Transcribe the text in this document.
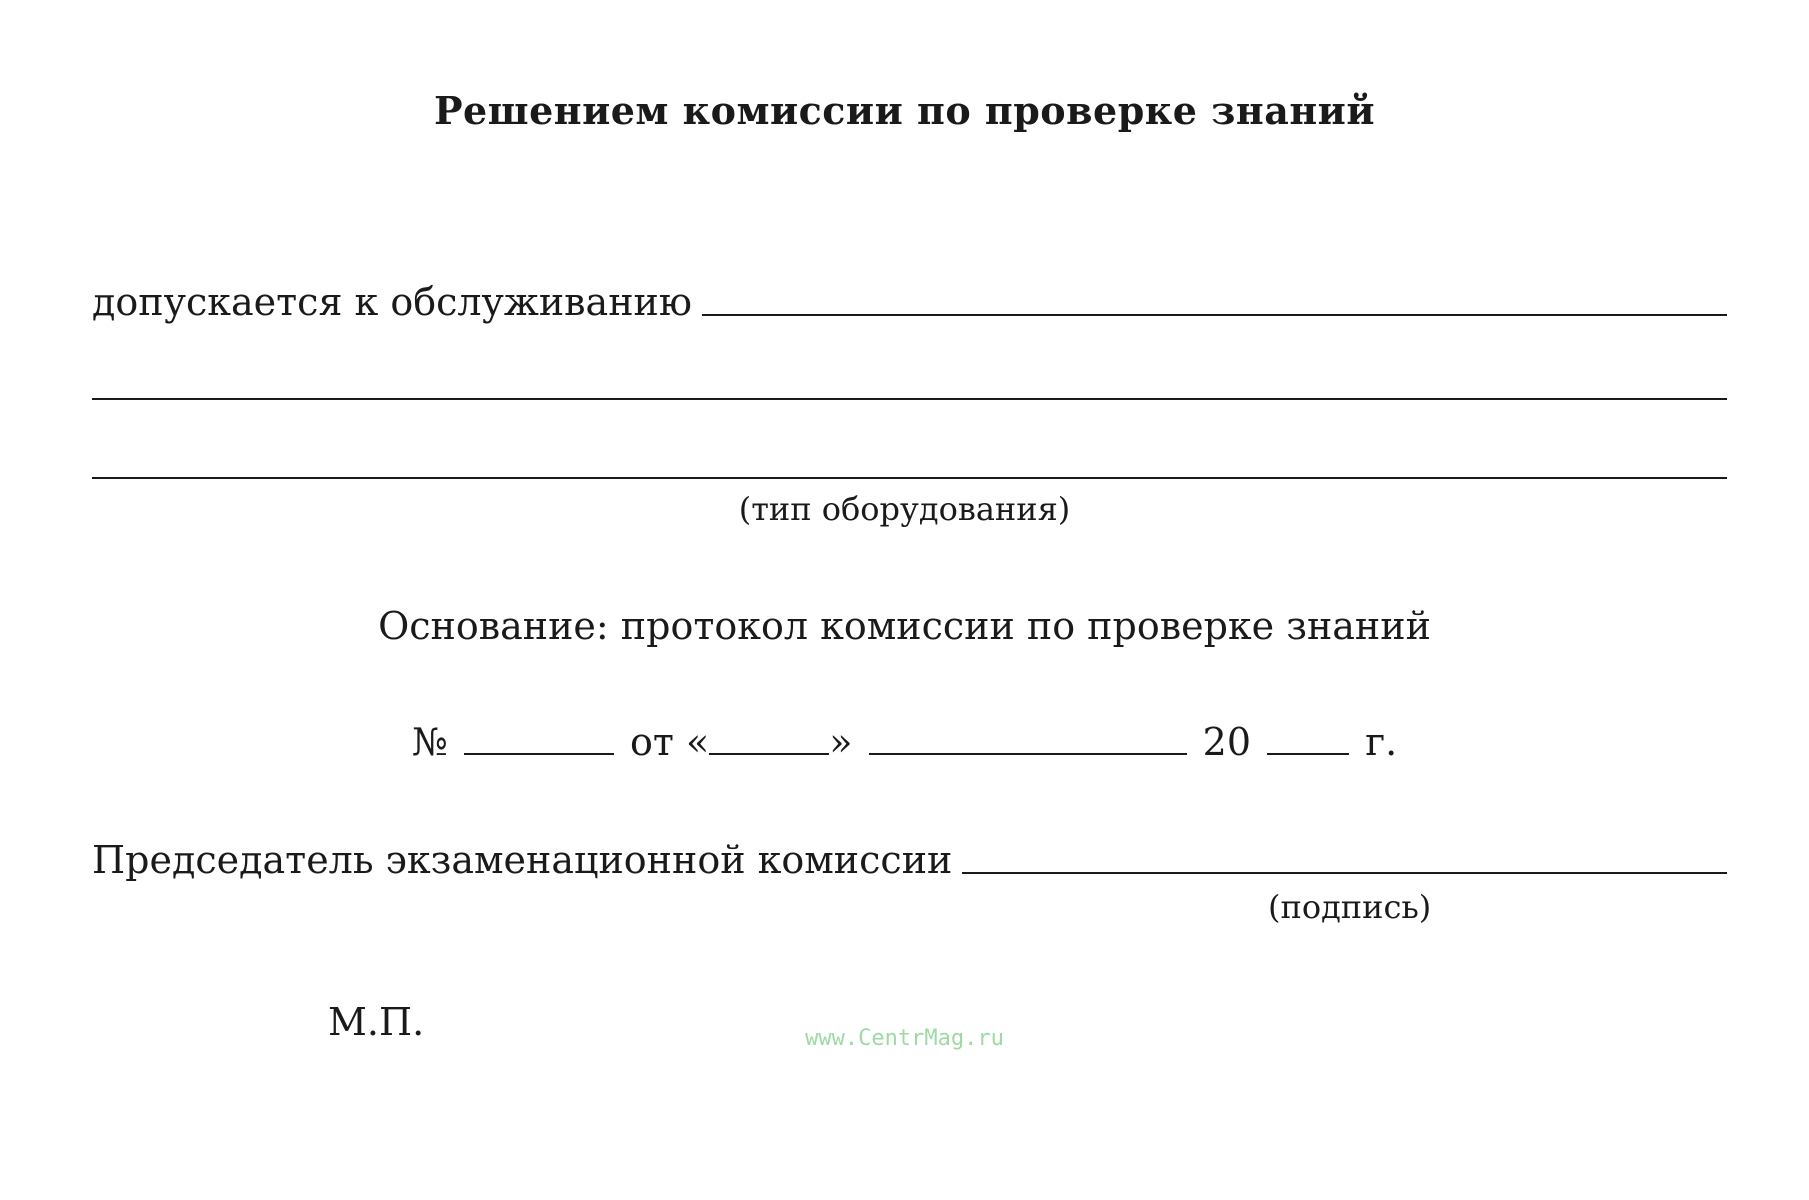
Решением комиссии по проверке знаний
допускается к обслуживанию
(тип оборудования)
Основание: протокол комиссии по проверке знаний
№	от «	»	20	г.
Председатель экзаменационной комиссии
(подпись)
М.П.	www.CentrMag.ru
